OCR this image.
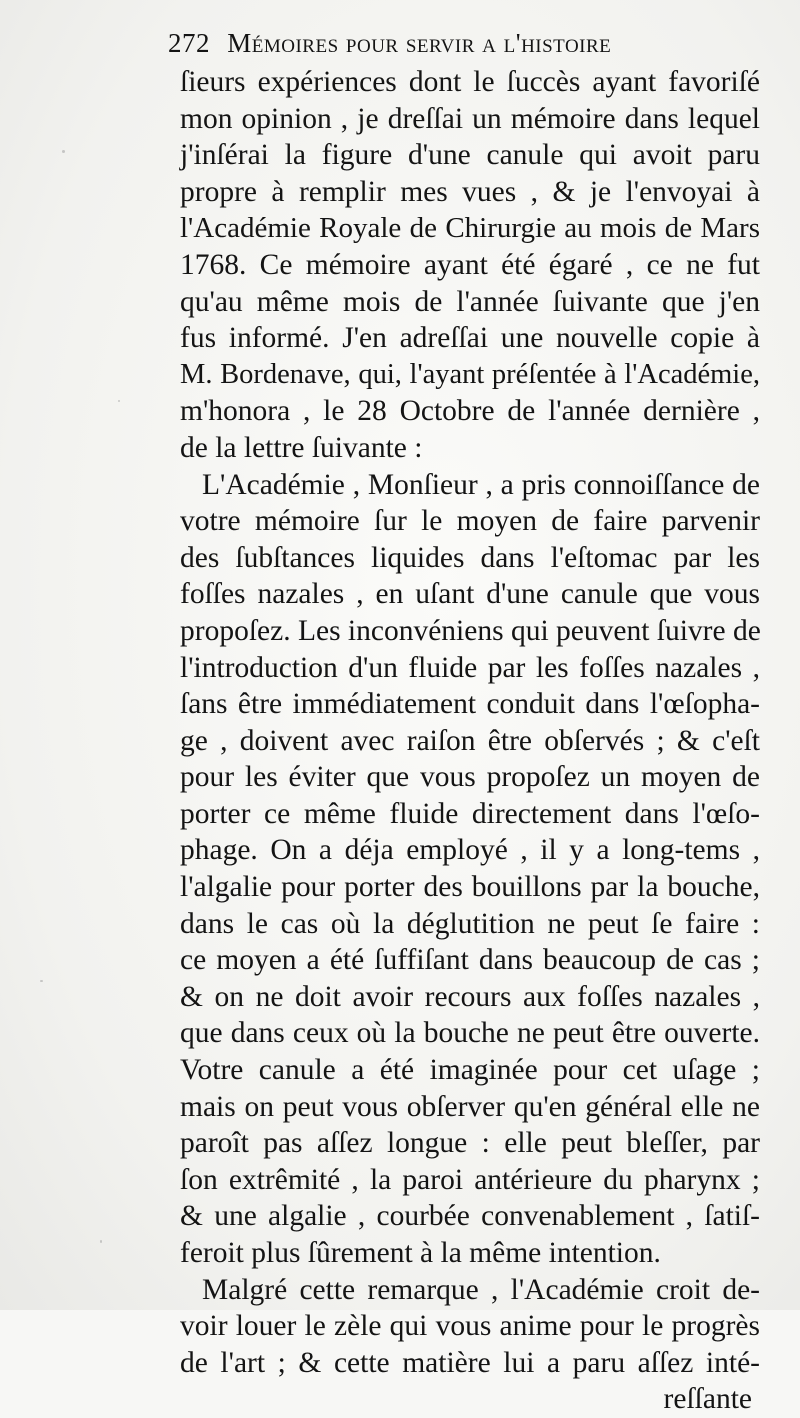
272 Mémoires pour servir a l'histoire
ſieurs expériences dont le ſuccès ayant favoriſé
mon opinion , je dreſſai un mémoire dans lequel
j'inſérai la figure d'une canule qui avoit paru
propre à remplir mes vues , & je l'envoyai à
l'Académie Royale de Chirurgie au mois de Mars
1768. Ce mémoire ayant été égaré , ce ne fut
qu'au même mois de l'année ſuivante que j'en
fus informé. J'en adreſſai une nouvelle copie à
M. Bordenave, qui, l'ayant préſentée à l'Académie,
m'honora , le 28 Octobre de l'année dernière ,
de la lettre ſuivante :
L'Académie , Monſieur , a pris connoiſſance de
votre mémoire ſur le moyen de faire parvenir
des ſubſtances liquides dans l'eſtomac par les
foſſes nazales , en uſant d'une canule que vous
propoſez. Les inconvéniens qui peuvent ſuivre de
l'introduction d'un fluide par les foſſes nazales ,
ſans être immédiatement conduit dans l'œſopha-
ge , doivent avec raiſon être obſervés ; & c'eſt
pour les éviter que vous propoſez un moyen de
porter ce même fluide directement dans l'œſo-
phage. On a déja employé , il y a long-tems ,
l'algalie pour porter des bouillons par la bouche,
dans le cas où la déglutition ne peut ſe faire :
ce moyen a été ſuffiſant dans beaucoup de cas ;
& on ne doit avoir recours aux foſſes nazales ,
que dans ceux où la bouche ne peut être ouverte.
Votre canule a été imaginée pour cet uſage ;
mais on peut vous obſerver qu'en général elle ne
paroît pas aſſez longue : elle peut bleſſer, par
ſon extrêmité , la paroi antérieure du pharynx ;
& une algalie , courbée convenablement , ſatiſ-
feroit plus ſûrement à la même intention.
Malgré cette remarque , l'Académie croit de-
voir louer le zèle qui vous anime pour le progrès
de l'art ; & cette matière lui a paru aſſez inté-
reſſante
